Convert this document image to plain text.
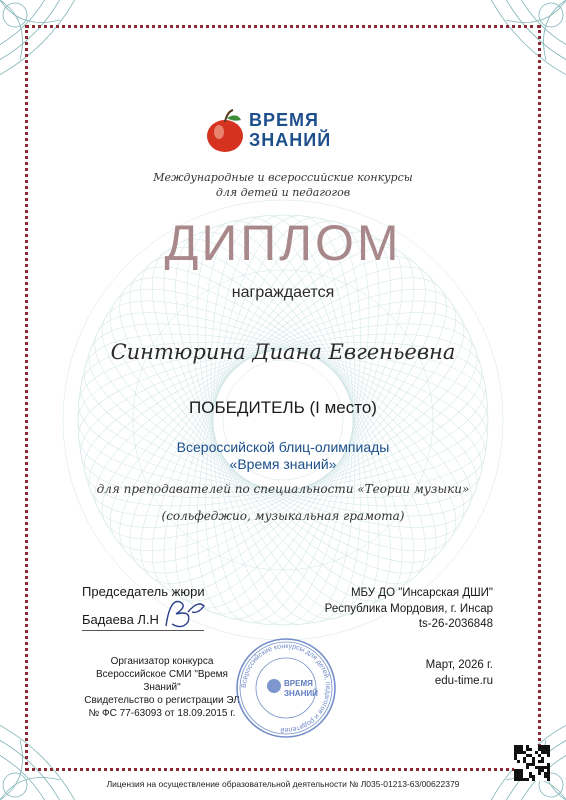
ВРЕМЯ
ЗНАНИЙ
Международные и всероссийские конкурсы
для детей и педагогов
ДИПЛОМ
награждается
Синтюрина Диана Евгеньевна
ПОБЕДИТЕЛЬ (I место)
Всероссийской блиц-олимпиады
«Время знаний»
для преподавателей по специальности «Теории музыки»
(сольфеджио, музыкальная грамота)
Председатель жюри
Бадаева Л.Н
МБУ ДО "Инсарская ДШИ"
Республика Мордовия, г. Инсар
ts-26-2036848
Организатор конкурса
Всероссийское СМИ "Время Знаний"
Свидетельство о регистрации ЭЛ
№ ФС 77-63093 от 18.09.2015 г.
Всероссийские конкурсы для детей, педагогов и родителей
ВРЕМЯ
ЗНАНИЙ
Март, 2026 г.
edu-time.ru
Лицензия на осуществление образовательной деятельности № Л035-01213-63/00622379
